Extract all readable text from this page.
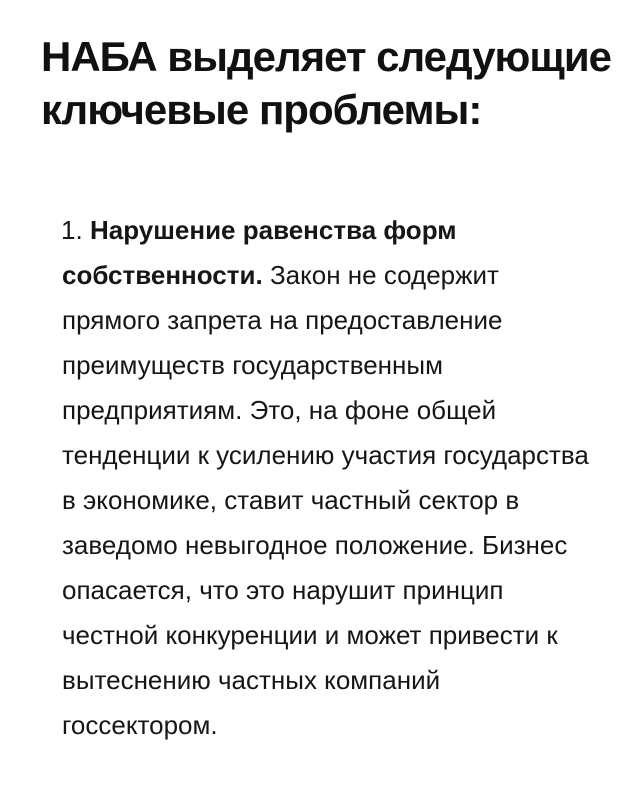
НАБА выделяет следующие ключевые проблемы:
1. Нарушение равенства форм собственности. Закон не содержит прямого запрета на предоставление преимуществ государственным предприятиям. Это, на фоне общей тенденции к усилению участия государства в экономике, ставит частный сектор в заведомо невыгодное положение. Бизнес опасается, что это нарушит принцип честной конкуренции и может привести к вытеснению частных компаний госсектором.
